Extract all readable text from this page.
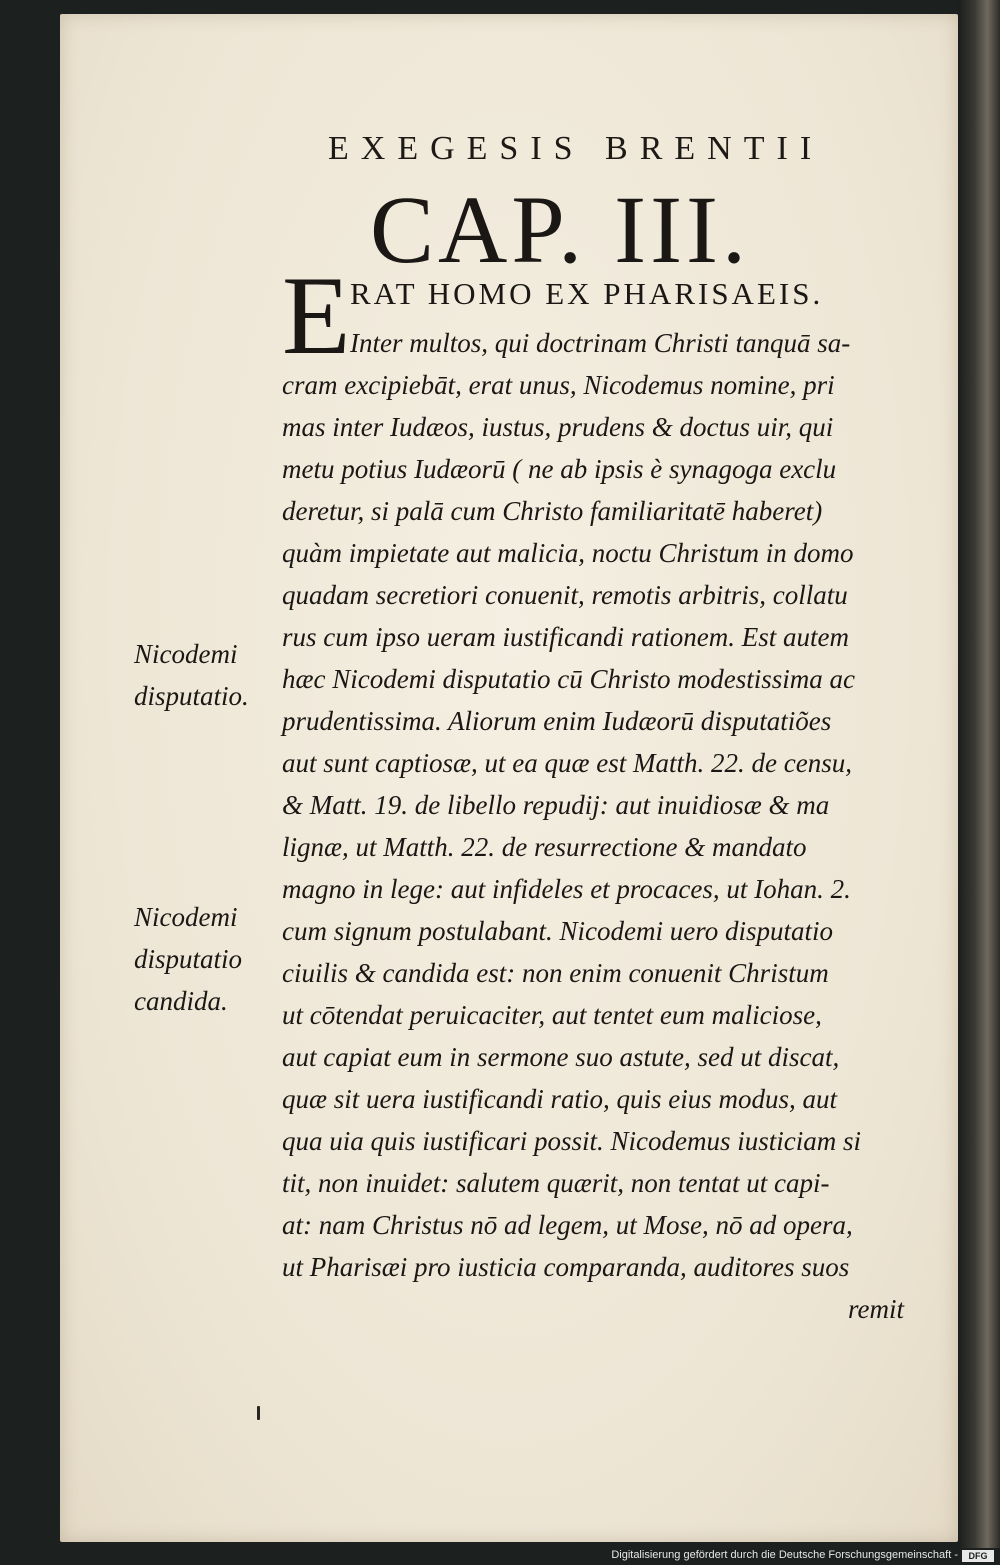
EXEGESIS BRENTII
CAP. III.
E RAT HOMO EX PHARISAEIS.
Inter multos, qui doctrinam Christi tanquā sa-
cram excipiebāt, erat unus, Nicodemus nomine, pri
mas inter Iudæos, iustus, prudens & doctus uir, qui
metu potius Iudæorū ( ne ab ipsis è synagoga exclu
deretur, si palā cum Christo familiaritatē haberet)
quàm impietate aut malicia, noctu Christum in domo
quadam secretiori conuenit, remotis arbitris, collatu
rus cum ipso ueram iustificandi rationem. Est autem
hæc Nicodemi disputatio cū Christo modestissima ac
prudentissima. Aliorum enim Iudæorū disputatiões
aut sunt captiosæ, ut ea quæ est Matth. 22. de censu,
& Matt. 19. de libello repudij: aut inuidiosæ & ma
lignæ, ut Matth. 22. de resurrectione & mandato
magno in lege: aut infideles et procaces, ut Iohan. 2.
cum signum postulabant. Nicodemi uero disputatio
ciuilis & candida est: non enim conuenit Christum
ut cōtendat peruicaciter, aut tentet eum maliciose,
aut capiat eum in sermone suo astute, sed ut discat,
quæ sit uera iustificandi ratio, quis eius modus, aut
qua uia quis iustificari possit. Nicodemus iusticiam si
tit, non inuidet: salutem quærit, non tentat ut capi-
at: nam Christus nō ad legem, ut Mose, nō ad opera,
ut Pharisæi pro iusticia comparanda, auditores suos
remit
Nicodemi
disputatio.
Nicodemi
disputatio
candida.
Digitalisierung gefördert durch die Deutsche Forschungsgemeinschaft -	DFG
